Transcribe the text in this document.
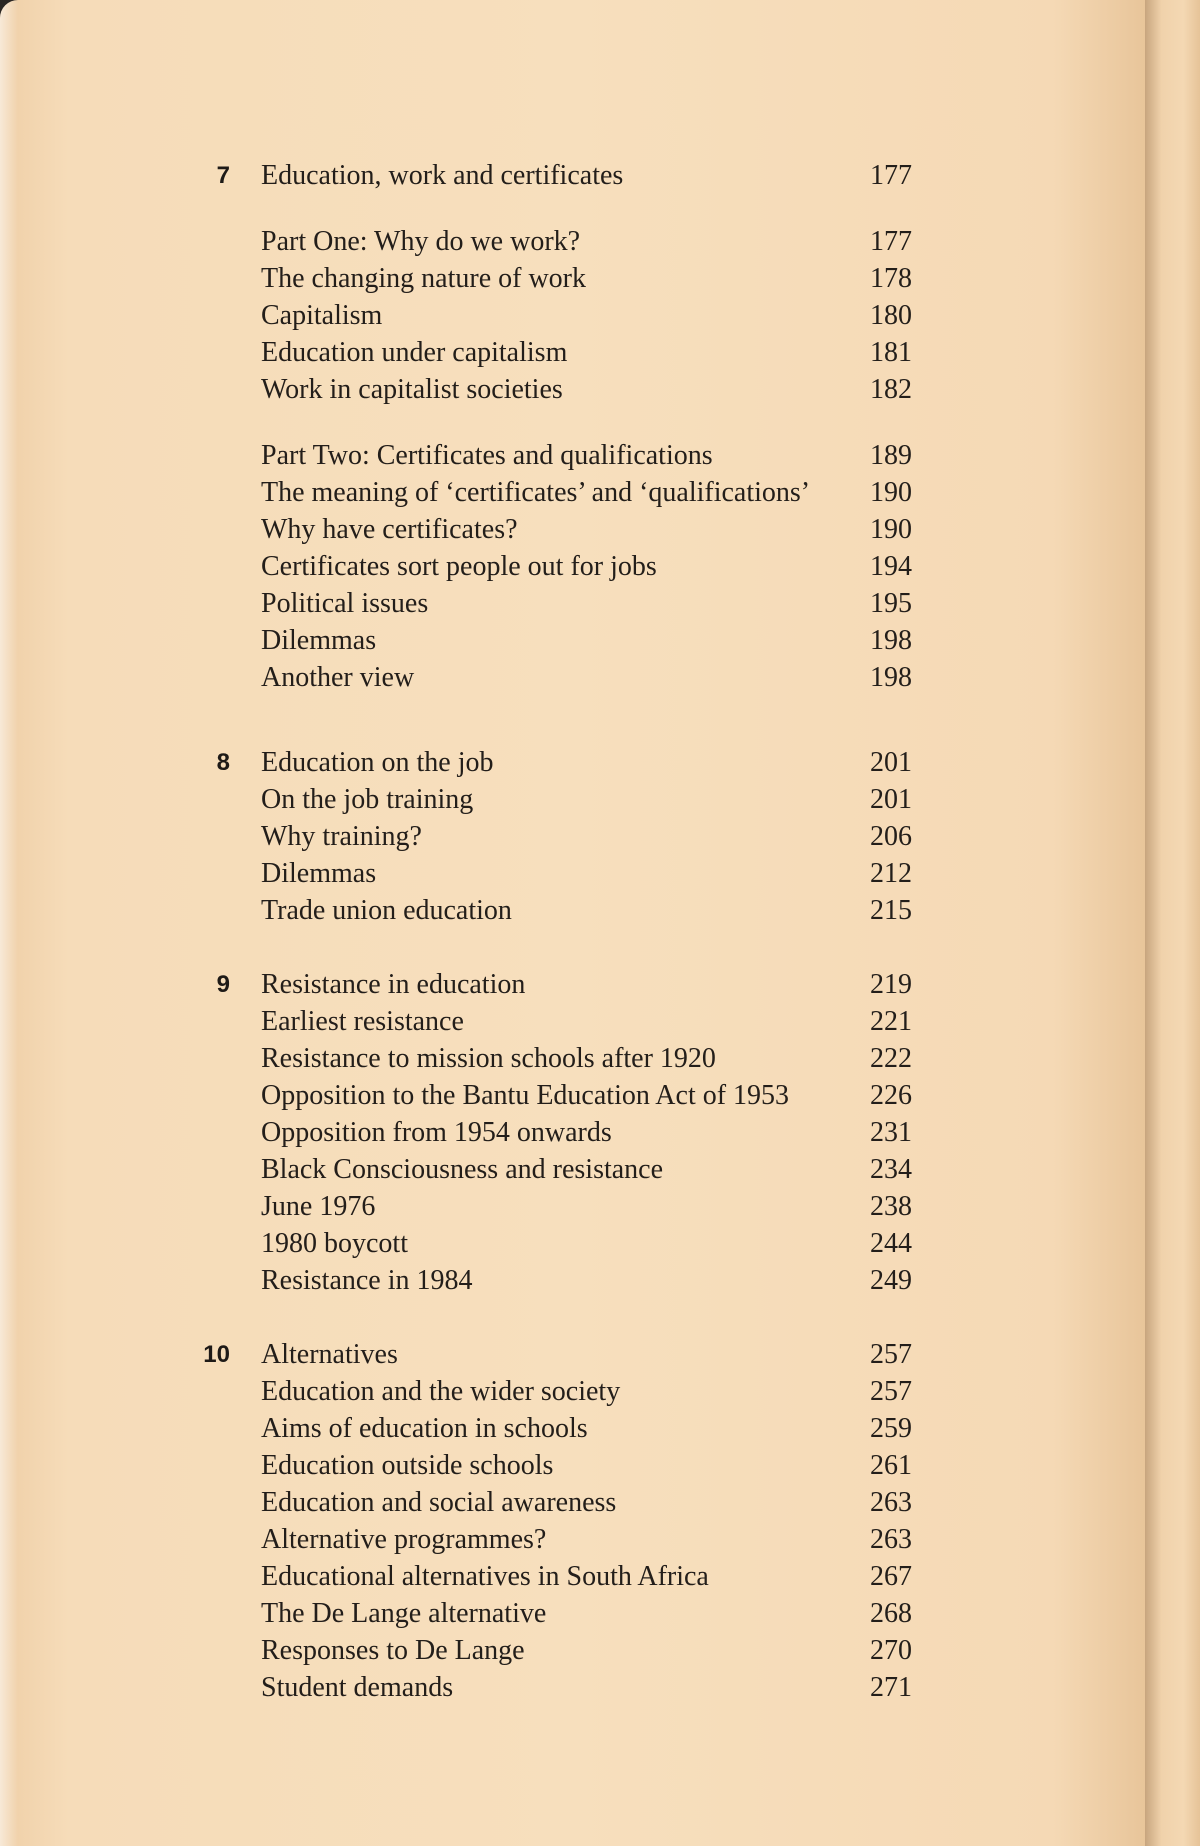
7 Education, work and certificates	177
Part One: Why do we work?	177
The changing nature of work	178
Capitalism	180
Education under capitalism	181
Work in capitalist societies	182
Part Two: Certificates and qualifications	189
The meaning of ‘certificates’ and ‘qualifications’ 190
Why have certificates?	190
Certificates sort people out for jobs	194
Political issues	195
Dilemmas	198
Another view	198
8 Education on the job	201
On the job training	201
Why training?	206
Dilemmas	212
Trade union education	215
9 Resistance in education	219
Earliest resistance	221
Resistance to mission schools after 1920	222
Opposition to the Bantu Education Act of 1953	226
Opposition from 1954 onwards	231
Black Consciousness and resistance	234
June 1976	238
1980 boycott	244
Resistance in 1984	249
10 Alternatives	257
Education and the wider society	257
Aims of education in schools	259
Education outside schools	261
Education and social awareness	263
Alternative programmes?	263
Educational alternatives in South Africa	267
The De Lange alternative	268
Responses to De Lange	270
Student demands	271
